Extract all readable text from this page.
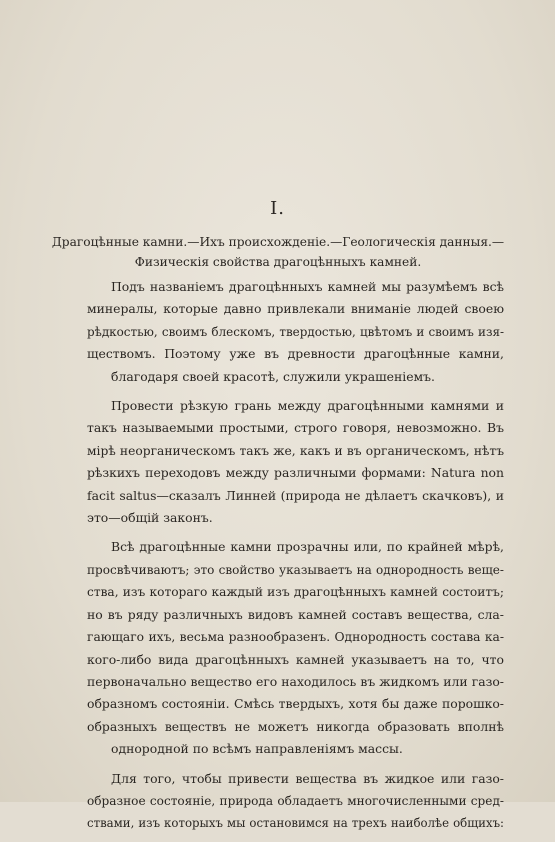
I.
Драгоцѣнные камни.—Ихъ происхожденіе.—Геологическія данныя.—
Физическія свойства драгоцѣнныхъ камней.
Подъ названіемъ драгоцѣнныхъ камней мы разумѣемъ всѣ
минералы, которые давно привлекали вниманіе людей своею
рѣдкостью, своимъ блескомъ, твердостью, цвѣтомъ и своимъ изя-
ществомъ. Поэтому уже въ древности драгоцѣнные камни,
благодаря своей красотѣ, служили украшеніемъ.
Провести рѣзкую грань между драгоцѣнными камнями и
такъ называемыми простыми, строго говоря, невозможно. Въ
мірѣ неорганическомъ такъ же, какъ и въ органическомъ, нѣтъ
рѣзкихъ переходовъ между различными формами: Natura non
facit saltus—сказалъ Линней (природа не дѣлаетъ скачковъ), и
это—общій законъ.
Всѣ драгоцѣнные камни прозрачны или, по крайней мѣрѣ,
просвѣчиваютъ; это свойство указываетъ на однородность веще-
ства, изъ котораго каждый изъ драгоцѣнныхъ камней состоитъ;
но въ ряду различныхъ видовъ камней составъ вещества, сла-
гающаго ихъ, весьма разнообразенъ. Однородность состава ка-
кого-либо вида драгоцѣнныхъ камней указываетъ на то, что
первоначально вещество его находилось въ жидкомъ или газо-
образномъ состояніи. Смѣсь твердыхъ, хотя бы даже порошко-
образныхъ веществъ не можетъ никогда образовать вполнѣ
однородной по всѣмъ направленіямъ массы.
Для того, чтобы привести вещества въ жидкое или газо-
образное состояніе, природа обладаетъ многочисленными сред-
ствами, изъ которыхъ мы остановимся на трехъ наиболѣе общихъ:
